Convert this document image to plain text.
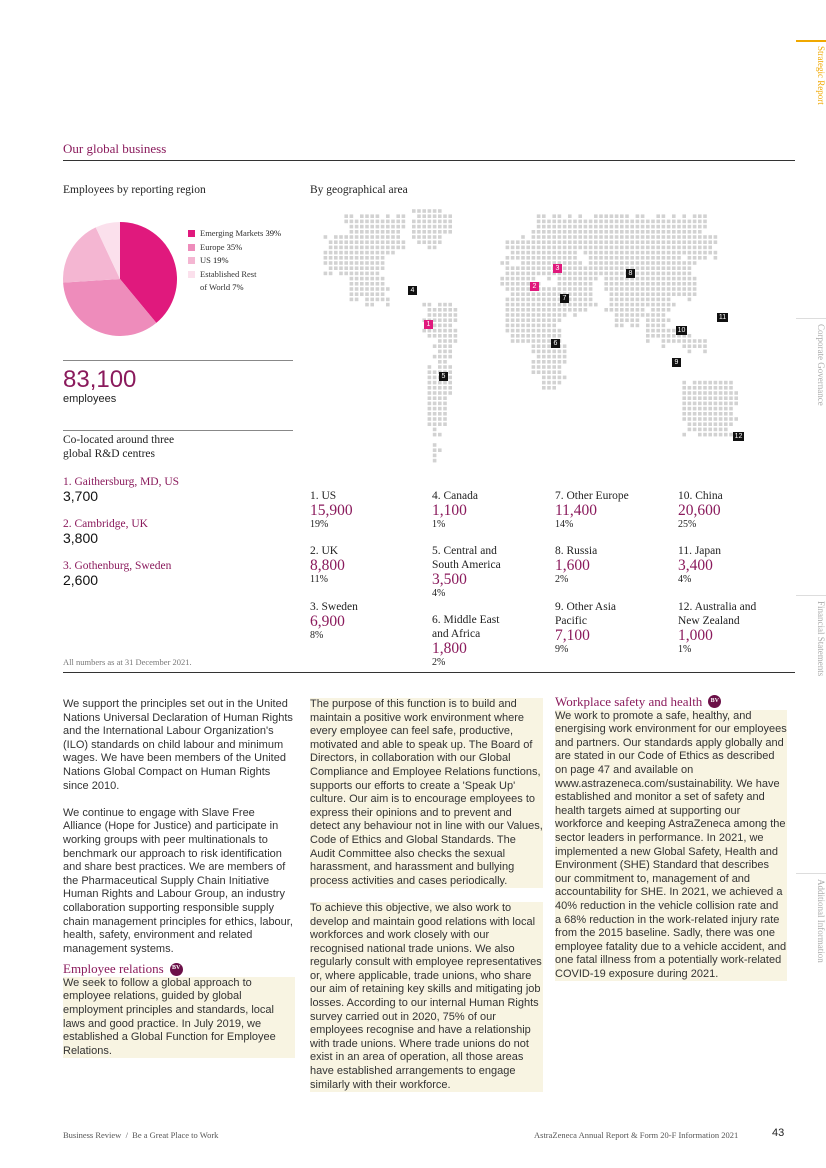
Strategic Report
Corporate Governance
Financial Statements
Additional Information
Our global business
Employees by reporting region
Emerging Markets 39%
Europe 35%
US 19%
Established Rest
of World 7%
83,100
employees
Co-located around three
global R&D centres
1. Gaithersburg, MD, US
3,700
2. Cambridge, UK
3,800
3. Gothenburg, Sweden
2,600
All numbers as at 31 December 2021.
By geographical area
1
2
3
4
5
6
7
8
9
10
11
12
1. US
15,900
19%
2. UK
8,800
11%
3. Sweden
6,900
8%
4. Canada
1,100
1%
5. Central and
South America
3,500
4%
6. Middle East
and Africa
1,800
2%
7. Other Europe
11,400
14%
8. Russia
1,600
2%
9. Other Asia
Pacific
7,100
9%
10. China
20,600
25%
11. Japan
3,400
4%
12. Australia and
New Zealand
1,000
1%

We support the principles set out in the United Nations Universal Declaration of Human Rights and the International Labour Organization's (ILO) standards on child labour and minimum wages. We have been members of the United Nations Global Compact on Human Rights since 2010.

We continue to engage with Slave Free Alliance (Hope for Justice) and participate in working groups with peer multinationals to benchmark our approach to risk identification and share best practices. We are members of the Pharmaceutical Supply Chain Initiative Human Rights and Labour Group, an industry collaboration supporting responsible supply chain management principles for ethics, labour, health, safety, environment and related management systems.

Employee relations	BV

We seek to follow a global approach to employee relations, guided by global employment principles and standards, local laws and good practice. In July 2019, we established a Global Function for Employee Relations.

The purpose of this function is to build and maintain a positive work environment where every employee can feel safe, productive, motivated and able to speak up. The Board of Directors, in collaboration with our Global Compliance and Employee Relations functions, supports our efforts to create a 'Speak Up' culture. Our aim is to encourage employees to express their opinions and to prevent and detect any behaviour not in line with our Values, Code of Ethics and Global Standards. The Audit Committee also checks the sexual harassment, and harassment and bullying process activities and cases periodically.

To achieve this objective, we also work to develop and maintain good relations with local workforces and work closely with our recognised national trade unions. We also regularly consult with employee representatives or, where applicable, trade unions, who share our aim of retaining key skills and mitigating job losses. According to our internal Human Rights survey carried out in 2020, 75% of our employees recognise and have a relationship with trade unions. Where trade unions do not exist in an area of operation, all those areas have established arrangements to engage similarly with their workforce.

Workplace safety and health	BV

We work to promote a safe, healthy, and energising work environment for our employees and partners. Our standards apply globally and are stated in our Code of Ethics as described on page 47 and available on www.astrazeneca.com/sustainability. We have established and monitor a set of safety and health targets aimed at supporting our workforce and keeping AstraZeneca among the sector leaders in performance. In 2021, we implemented a new Global Safety, Health and Environment (SHE) Standard that describes our commitment to, management of and accountability for SHE. In 2021, we achieved a 40% reduction in the vehicle collision rate and a 68% reduction in the work-related injury rate from the 2015 baseline. Sadly, there was one employee fatality due to a vehicle accident, and one fatal illness from a potentially work-related COVID-19 exposure during 2021.

Business Review  /  Be a Great Place to Work	AstraZeneca Annual Report & Form 20-F Information 2021	43
